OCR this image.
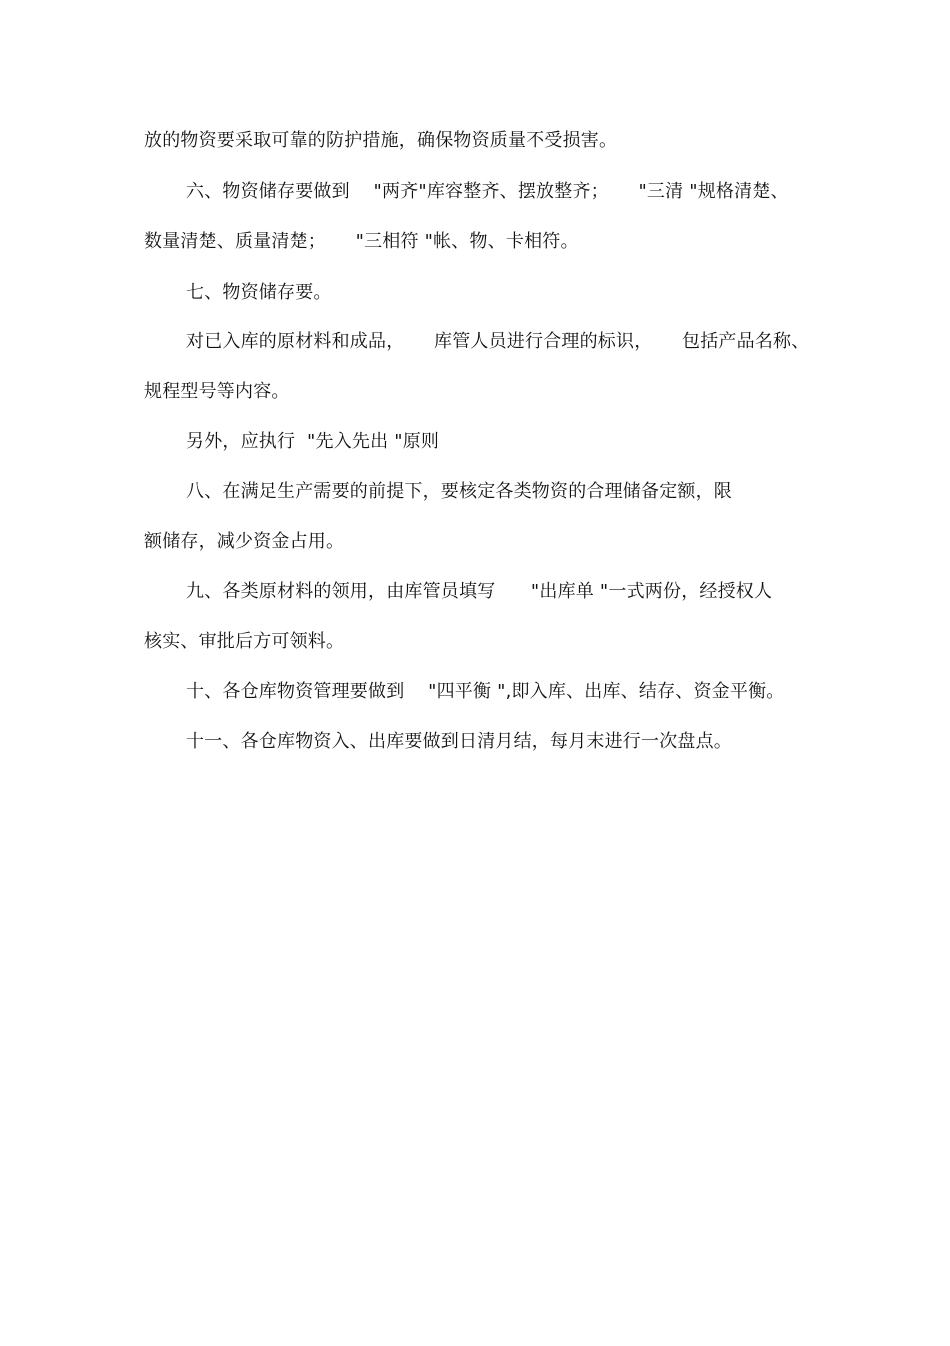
放的物资要采取可靠的防护措施，确保物资质量不受损害。
六、物资储存要做到    "两齐"库容整齐、摆放整齐；     "三清 "规格清楚、
数量清楚、质量清楚；     "三相符 "帐、物、卡相符。
七、物资储存要。
对已入库的原材料和成品，     库管人员进行合理的标识，     包括产品名称、
规程型号等内容。
另外，应执行  "先入先出 "原则
八、在满足生产需要的前提下，要核定各类物资的合理储备定额，限
额储存，减少资金占用。
九、各类原材料的领用，由库管员填写      "出库单 "一式两份，经授权人
核实、审批后方可领料。
十、各仓库物资管理要做到    "四平衡 ",即入库、出库、结存、资金平衡。
十一、各仓库物资入、出库要做到日清月结，每月末进行一次盘点。
